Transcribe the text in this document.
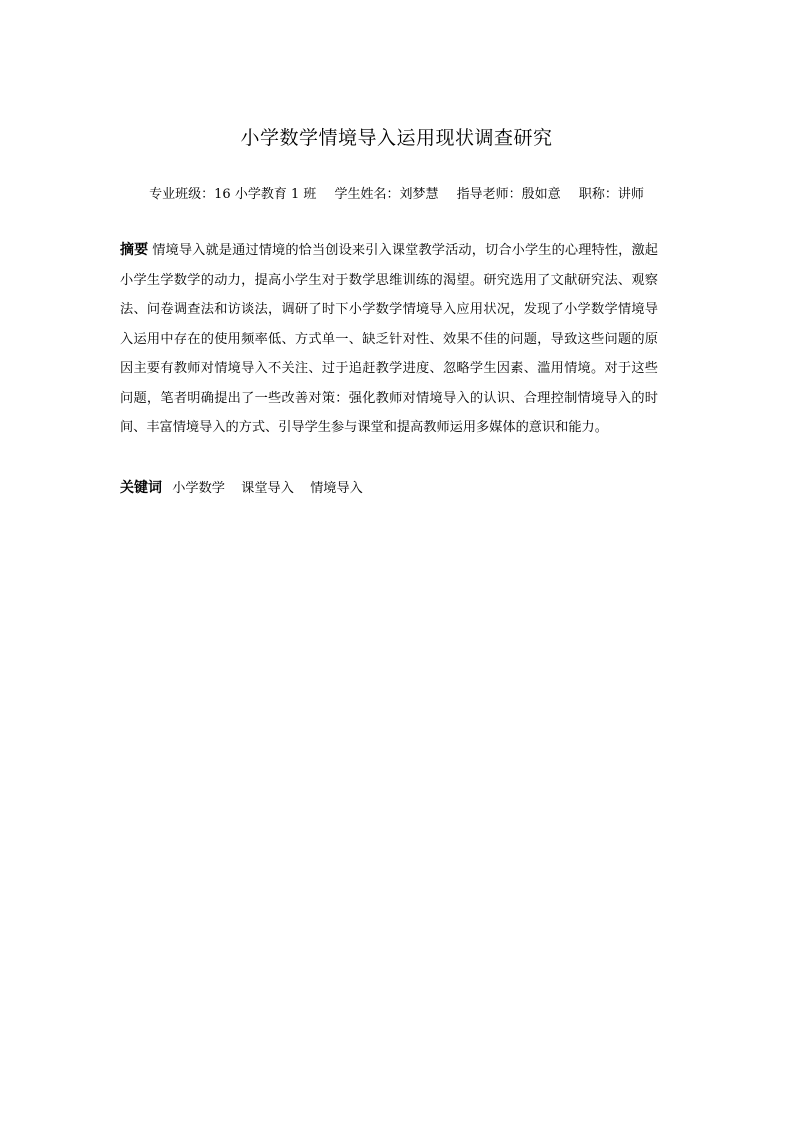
小学数学情境导入运用现状调查研究
专业班级：16 小学教育 1 班 学生姓名：刘梦慧 指导老师：殷如意 职称：讲师
摘要 情境导入就是通过情境的恰当创设来引入课堂教学活动，切合小学生的心理特性，激起小学生学数学的动力，提高小学生对于数学思维训练的渴望。研究选用了文献研究法、观察法、问卷调查法和访谈法，调研了时下小学数学情境导入应用状况，发现了小学数学情境导入运用中存在的使用频率低、方式单一、缺乏针对性、效果不佳的问题，导致这些问题的原因主要有教师对情境导入不关注、过于追赶教学进度、忽略学生因素、滥用情境。对于这些问题，笔者明确提出了一些改善对策：强化教师对情境导入的认识、合理控制情境导入的时间、丰富情境导入的方式、引导学生参与课堂和提高教师运用多媒体的意识和能力。
关键词 小学数学 课堂导入 情境导入
